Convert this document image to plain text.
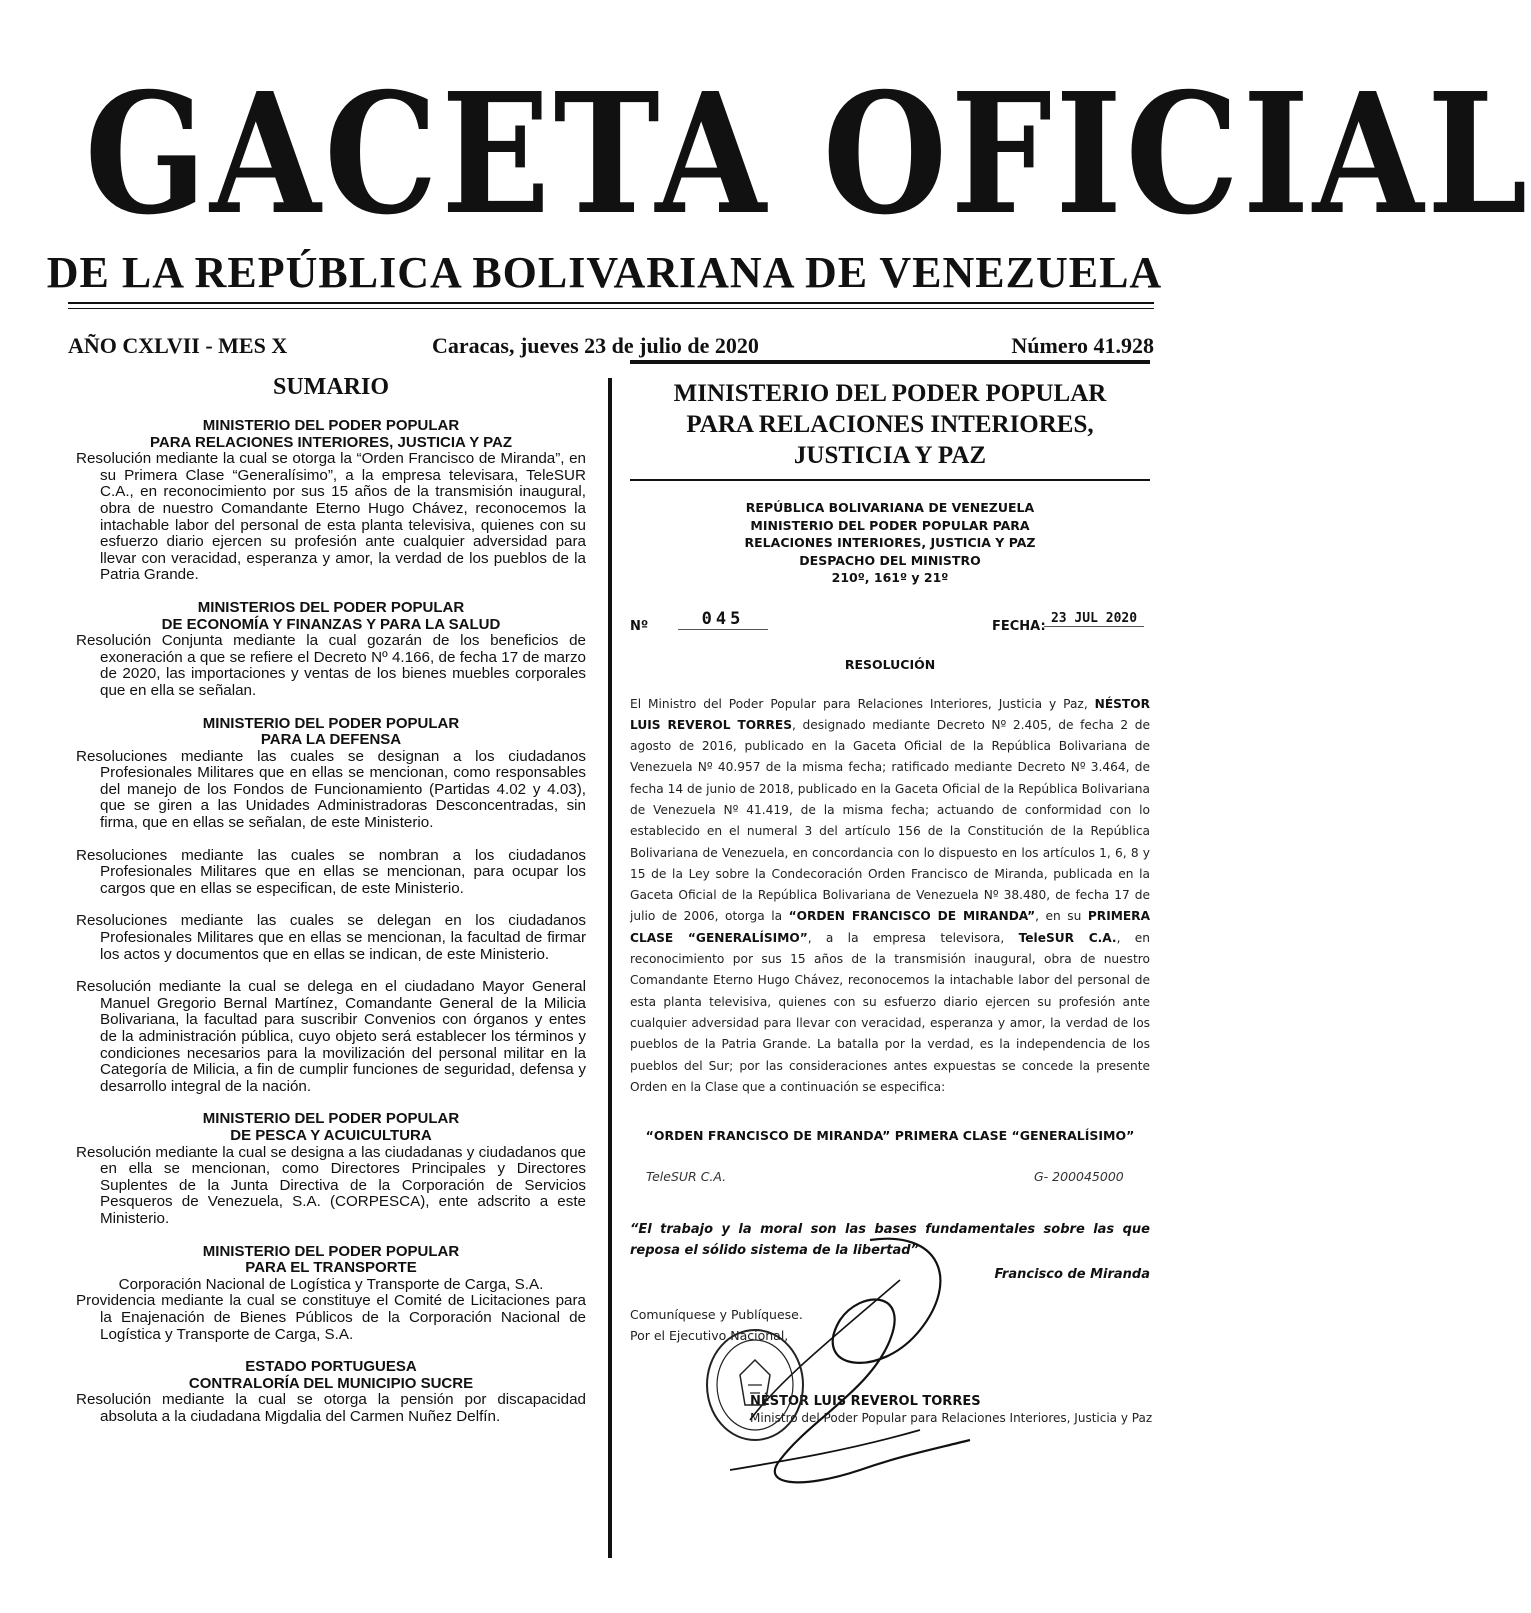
GACETA OFICIAL
DE LA REPÚBLICA BOLIVARIANA DE VENEZUELA
AÑO CXLVII - MES X	Caracas, jueves 23 de julio de 2020	Número 41.928
SUMARIO
MINISTERIO DEL PODER POPULAR
PARA RELACIONES INTERIORES, JUSTICIA Y PAZ

Resolución mediante la cual se otorga la “Orden Francisco de Miranda”, en su Primera Clase “Generalísimo”, a la empresa televisara, TeleSUR C.A., en reconocimiento por sus 15 años de la transmisión inaugural, obra de nuestro Comandante Eterno Hugo Chávez, reconocemos la intachable labor del personal de esta planta televisiva, quienes con su esfuerzo diario ejercen su profesión ante cualquier adversidad para llevar con veracidad, esperanza y amor, la verdad de los pueblos de la Patria Grande.

MINISTERIOS DEL PODER POPULAR
DE ECONOMÍA Y FINANZAS Y PARA LA SALUD

Resolución Conjunta mediante la cual gozarán de los beneficios de exoneración a que se refiere el Decreto Nº 4.166, de fecha 17 de marzo de 2020, las importaciones y ventas de los bienes muebles corporales que en ella se señalan.

MINISTERIO DEL PODER POPULAR
PARA LA DEFENSA

Resoluciones mediante las cuales se designan a los ciudadanos Profesionales Militares que en ellas se mencionan, como responsables del manejo de los Fondos de Funcionamiento (Partidas 4.02 y 4.03), que se giren a las Unidades Administradoras Desconcentradas, sin firma, que en ellas se señalan, de este Ministerio.

Resoluciones mediante las cuales se nombran a los ciudadanos Profesionales Militares que en ellas se mencionan, para ocupar los cargos que en ellas se especifican, de este Ministerio.

Resoluciones mediante las cuales se delegan en los ciudadanos Profesionales Militares que en ellas se mencionan, la facultad de firmar los actos y documentos que en ellas se indican, de este Ministerio.

Resolución mediante la cual se delega en el ciudadano Mayor General Manuel Gregorio Bernal Martínez, Comandante General de la Milicia Bolivariana, la facultad para suscribir Convenios con órganos y entes de la administración pública, cuyo objeto será establecer los términos y condiciones necesarios para la movilización del personal militar en la Categoría de Milicia, a fin de cumplir funciones de seguridad, defensa y desarrollo integral de la nación.

MINISTERIO DEL PODER POPULAR
DE PESCA Y ACUICULTURA

Resolución mediante la cual se designa a las ciudadanas y ciudadanos que en ella se mencionan, como Directores Principales y Directores Suplentes de la Junta Directiva de la Corporación de Servicios Pesqueros de Venezuela, S.A. (CORPESCA), ente adscrito a este Ministerio.

MINISTERIO DEL PODER POPULAR
PARA EL TRANSPORTE

Corporación Nacional de Logística y Transporte de Carga, S.A.

Providencia mediante la cual se constituye el Comité de Licitaciones para la Enajenación de Bienes Públicos de la Corporación Nacional de Logística y Transporte de Carga, S.A.

ESTADO PORTUGUESA
CONTRALORÍA DEL MUNICIPIO SUCRE

Resolución mediante la cual se otorga la pensión por discapacidad absoluta a la ciudadana Migdalia del Carmen Nuñez Delfín.

MINISTERIO DEL PODER POPULAR
PARA RELACIONES INTERIORES,
JUSTICIA Y PAZ
REPÚBLICA BOLIVARIANA DE VENEZUELA
MINISTERIO DEL PODER POPULAR PARA
RELACIONES INTERIORES, JUSTICIA Y PAZ
DESPACHO DEL MINISTRO
210º, 161º y 21º
Nº	045	FECHA:
23 JUL 2020
RESOLUCIÓN

El Ministro del Poder Popular para Relaciones Interiores, Justicia y Paz, NÉSTOR LUIS REVEROL TORRES, designado mediante Decreto Nº 2.405, de fecha 2 de agosto de 2016, publicado en la Gaceta Oficial de la República Bolivariana de Venezuela Nº 40.957 de la misma fecha; ratificado mediante Decreto Nº 3.464, de fecha 14 de junio de 2018, publicado en la Gaceta Oficial de la República Bolivariana de Venezuela Nº 41.419, de la misma fecha; actuando de conformidad con lo establecido en el numeral 3 del artículo 156 de la Constitución de la República Bolivariana de Venezuela, en concordancia con lo dispuesto en los artículos 1, 6, 8 y 15 de la Ley sobre la Condecoración Orden Francisco de Miranda, publicada en la Gaceta Oficial de la República Bolivariana de Venezuela Nº 38.480, de fecha 17 de julio de 2006, otorga la “ORDEN FRANCISCO DE MIRANDA”, en su PRIMERA CLASE “GENERALÍSIMO”, a la empresa televisora, TeleSUR C.A., en reconocimiento por sus 15 años de la transmisión inaugural, obra de nuestro Comandante Eterno Hugo Chávez, reconocemos la intachable labor del personal de esta planta televisiva, quienes con su esfuerzo diario ejercen su profesión ante cualquier adversidad para llevar con veracidad, esperanza y amor, la verdad de los pueblos de la Patria Grande. La batalla por la verdad, es la independencia de los pueblos del Sur; por las consideraciones antes expuestas se concede la presente Orden en la Clase que a continuación se especifica:

“ORDEN FRANCISCO DE MIRANDA” PRIMERA CLASE “GENERALÍSIMO”
TeleSUR C.A.	G- 200045000
“El trabajo y la moral son las bases fundamentales sobre las que reposa el sólido sistema de la libertad”
Francisco de Miranda
Comuníquese y Publíquese.
Por el Ejecutivo Nacional,
NÉSTOR LUIS REVEROL TORRES
Ministro del Poder Popular para Relaciones Interiores, Justicia y Paz
